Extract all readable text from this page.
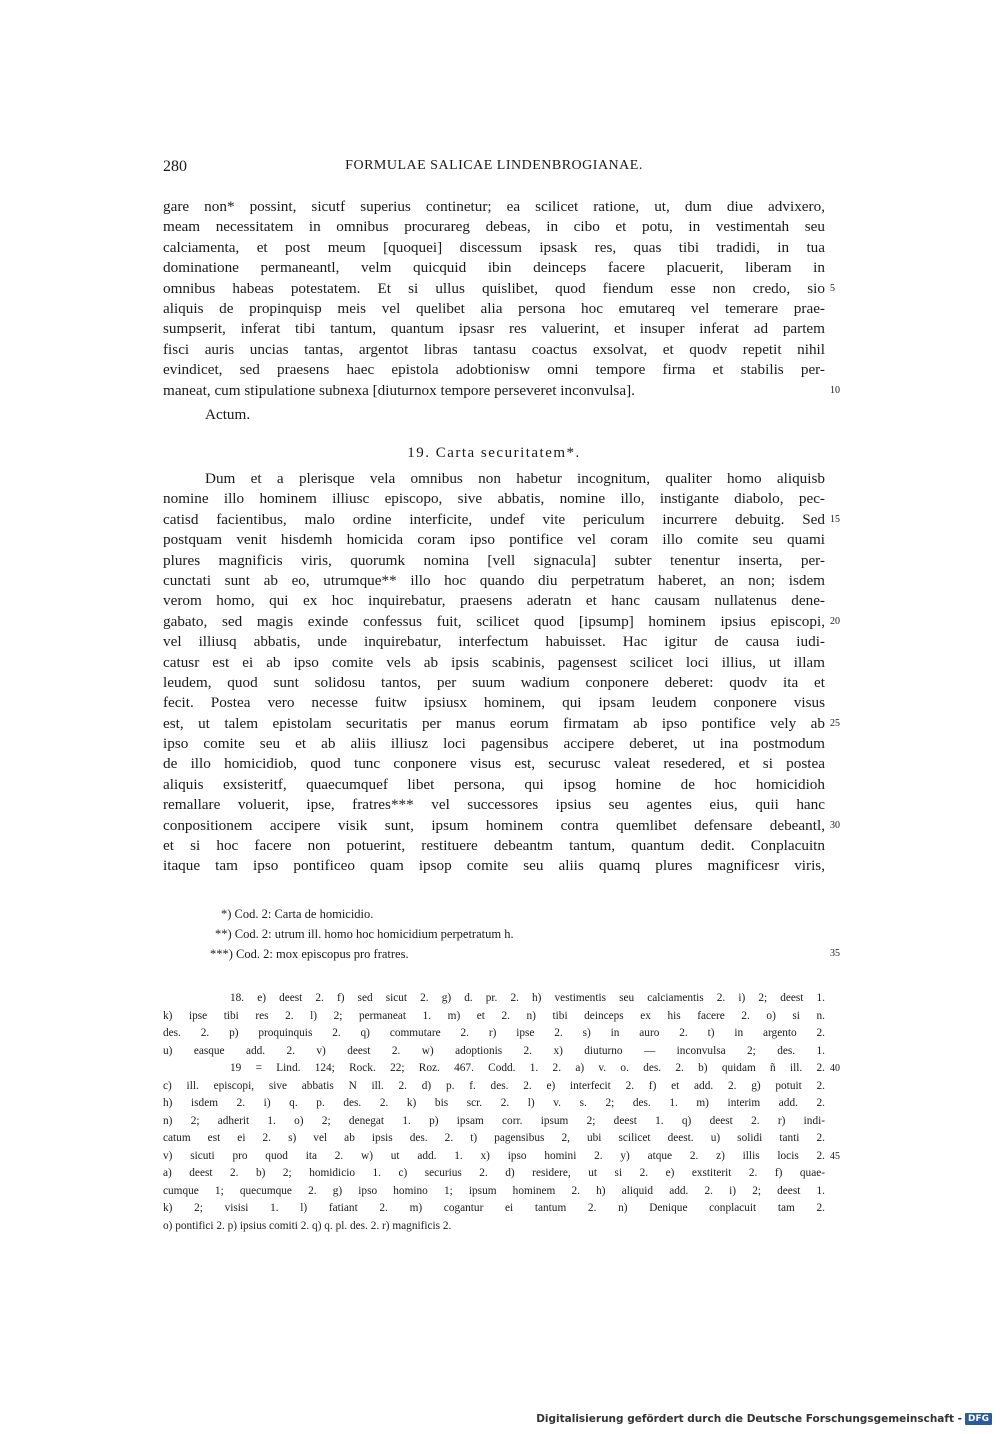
280	FORMULAE SALICAE LINDENBROGIANAE.
gare non* possint, sicutf superius continetur; ea scilicet ratione, ut, dum diue advixero,
meam necessitatem in omnibus procurareg debeas, in cibo et potu, in vestimentah seu
calciamenta, et post meum [quoquei] discessum ipsask res, quas tibi tradidi, in tua
dominatione permaneantl, velm quicquid ibin deinceps facere placuerit, liberam in
omnibus habeas potestatem. Et si ullus quislibet, quod fiendum esse non credo, sio 5
aliquis de propinquisp meis vel quelibet alia persona hoc emutareq vel temerare prae-
sumpserit, inferat tibi tantum, quantum ipsasr res valuerint, et insuper inferat ad partem
fisci auris uncias tantas, argentot libras tantasu coactus exsolvat, et quodv repetit nihil
evindicet, sed praesens haec epistola adobtionisw omni tempore firma et stabilis per-
maneat, cum stipulatione subnexa [diuturnox tempore perseveret inconvulsa].	10
Actum.
19. Carta securitatem*.
Dum et a plerisque vela omnibus non habetur incognitum, qualiter homo aliquisb
nomine illo hominem illiusc episcopo, sive abbatis, nomine illo, instigante diabolo, pec-
catisd facientibus, malo ordine interficite, undef vite periculum incurrere debuitg. Sed 15
postquam venit hisdemh homicida coram ipso pontifice vel coram illo comite seu quami
plures magnificis viris, quorumk nomina [vell signacula] subter tenentur inserta, per-
cunctati sunt ab eo, utrumque** illo hoc quando diu perpetratum haberet, an non; isdem
verom homo, qui ex hoc inquirebatur, praesens aderatn et hanc causam nullatenus dene-
gabato, sed magis exinde confessus fuit, scilicet quod [ipsump] hominem ipsius episcopi, 20
vel illiusq abbatis, unde inquirebatur, interfectum habuisset. Hac igitur de causa iudi-
catusr est ei ab ipso comite vels ab ipsis scabinis, pagensest scilicet loci illius, ut illam
leudem, quod sunt solidosu tantos, per suum wadium conponere deberet: quodv ita et
fecit. Postea vero necesse fuitw ipsiusx hominem, qui ipsam leudem conponere visus
est, ut talem epistolam securitatis per manus eorum firmatam ab ipso pontifice vely ab 25
ipso comite seu et ab aliis illiusz loci pagensibus accipere deberet, ut ina postmodum
de illo homicidiob, quod tunc conponere visus est, securusc valeat resedered, et si postea
aliquis exsisteritf, quaecumquef libet persona, qui ipsog homine de hoc homicidioh
remallare voluerit, ipse, fratres*** vel successores ipsius seu agentes eius, quii hanc
conpositionem accipere visik sunt, ipsum hominem contra quemlibet defensare debeantl, 30
et si hoc facere non potuerint, restituere debeantm tantum, quantum dedit. Conplacuitn
itaque tam ipso pontificeo quam ipsop comite seu aliis quamq plures magnificesr viris,
*) Cod. 2: Carta de homicidio.
**) Cod. 2: utrum ill. homo hoc homicidium perpetratum h.
***) Cod. 2: mox episcopus pro fratres.	35
18. e) deest 2. f) sed sicut 2. g) d. pr. 2. h) vestimentis seu calciamentis 2. i) 2; deest 1.
k) ipse tibi res 2. l) 2; permaneat 1. m) et 2. n) tibi deinceps ex his facere 2. o) si n.
des. 2. p) proquinquis 2. q) commutare 2. r) ipse 2. s) in auro 2. t) in argento 2.
u) easque add. 2. v) deest 2. w) adoptionis 2. x) diuturno — inconvulsa 2; des. 1.
19 = Lind. 124; Rock. 22; Roz. 467. Codd. 1. 2. a) v. o. des. 2. b) quidam ñ ill. 2. 40
c) ill. episcopi, sive abbatis N ill. 2. d) p. f. des. 2. e) interfecit 2. f) et add. 2. g) potuit 2.
h) isdem 2. i) q. p. des. 2. k) bis scr. 2. l) v. s. 2; des. 1. m) interim add. 2.
n) 2; adherit 1. o) 2; denegat 1. p) ipsam corr. ipsum 2; deest 1. q) deest 2. r) indi-
catum est ei 2. s) vel ab ipsis des. 2. t) pagensibus 2, ubi scilicet deest. u) solidi tanti 2.
v) sicuti pro quod ita 2. w) ut add. 1. x) ipso homini 2. y) atque 2. z) illis locis 2. 45
a) deest 2. b) 2; homidicio 1. c) securius 2. d) residere, ut si 2. e) exstiterit 2. f) quae-
cumque 1; quecumque 2. g) ipso homino 1; ipsum hominem 2. h) aliquid add. 2. i) 2; deest 1.
k) 2; visisi 1. l) fatiant 2. m) cogantur ei tantum 2. n) Denique conplacuit tam 2.
o) pontifici 2. p) ipsius comiti 2. q) q. pl. des. 2. r) magnificis 2.
Digitalisierung gefördert durch die Deutsche Forschungsgemeinschaft - DFG
